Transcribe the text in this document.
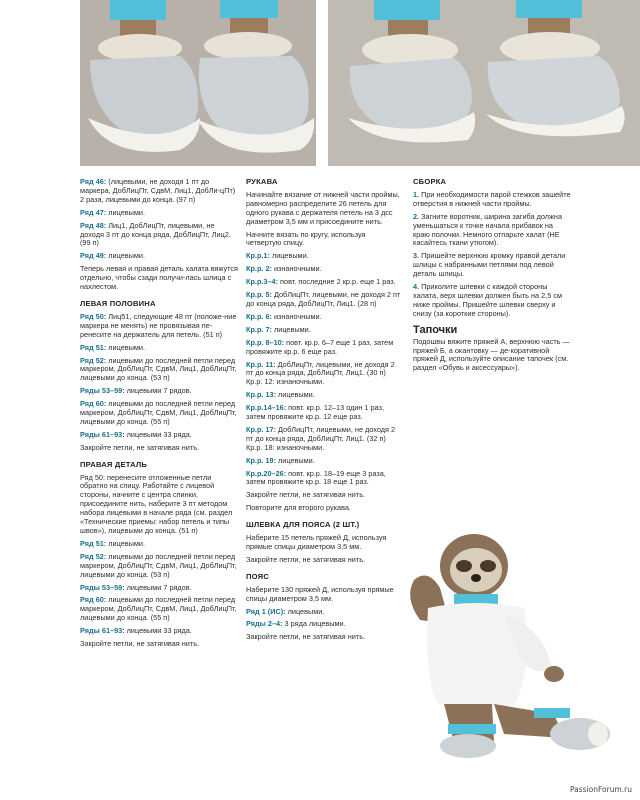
Ряд 46: (лицевыми, не доходя 1 пт до маркера, ДобЛицПт, СдвМ, Лиц1, ДобЛи-цПт) 2 раза, лицевыми до конца. (97 п)

Ряд 47: лицевыми.

Ряд 48: Лиц1, ДобЛицПт, лицевыми, не доходя 3 пт до конца ряда, ДобЛицПт, Лиц2. (99 п)

Ряд 49: лицевыми.

Теперь левая и правая деталь халата вяжутся отдельно, чтобы сзади получи-лась шлица с нахлестом.

ЛЕВАЯ ПОЛОВИНА

Ряд 50: Лиц51, следующие 48 пт (положе-ние маркера не менять) не провязывая пе-ренесите на держатель для петель. (51 п)

Ряд 51: лицевыми.

Ряд 52: лицевыми до последней петли перед маркером, ДобЛицПт, СдвМ, Лиц1, ДобЛицПт, лицевыми до конца. (53 п)

Ряды 53–59: лицевыми 7 рядов.

Ряд 60: лицевыми до последней петли перед маркером, ДобЛицПт, СдвМ, Лиц1, ДобЛицПт, лицевыми до конца. (55 п)

Ряды 61–93: лицевыми 33 ряда.

Закройте петли, не затягивая нить.

ПРАВАЯ ДЕТАЛЬ

Ряд 50: перенесите отложенные петли обратно на спицу. Работайте с лицевой стороны, начните с центра спинки, присоедините нить, наберите 3 пт методом набора лицевыми в начале ряда (см. раздел «Технические приемы: набор петель и типы швов»), лицевыми до конца. (51 п)

Ряд 51: лицевыми.

Ряд 52: лицевыми до последней петли перед маркером, ДобЛицПт, СдвМ, Лиц1, ДобЛицПт, лицевыми до конца. (53 п)

Ряды 53–59: лицевыми 7 рядов.

Ряд 60: лицевыми до последней петли перед маркером, ДобЛицПт, СдвМ, Лиц1, ДобЛицПт, лицевыми до конца. (55 п)

Ряды 61–93: лицевыми 33 ряда.

Закройте петли, не затягивая нить.

РУКАВА

Начинайте вязание от нижней части проймы, равномерно распределите 26 петель для одного рукава с держателя петель на 3 дсс диаметром 3,5 мм и присоедините нить.

Начните вязать по кругу, используя четвертую спицу.

Кр.р.1: лицевыми.

Кр.р. 2: изнаночными.

Кр.р.3–4: повт. последние 2 кр.р. еще 1 раз.

Кр.р. 5: ДобЛицПт, лицевыми, не доходя 2 пт до конца ряда, ДобЛицПт, Лиц1. (28 п)

Кр.р. 6: изнаночными.

Кр.р. 7: лицевыми.

Кр.р. 8–10: повт. кр.р. 6–7 еще 1 раз, затем провяжите кр.р. 6 еще раз.

Кр.р. 11: ДобЛицПт, лицевыми, не доходя 2 пт до конца ряда, ДобЛицПт, Лиц1. (30 п) Кр.р. 12: изнаночными.

Кр.р. 13: лицевыми.

Кр.р.14–16: повт. кр.р. 12–13 один 1 раз, затем провяжите кр.р. 12 еще раз.

Кр.р. 17: ДобЛицПт, лицевыми, не доходя 2 пт до конца ряда, ДобЛицПт, Лиц1. (32 п) Кр.р. 18: изнаночными.

Кр.р. 19: лицевыми.

Кр.р.20–26: повт. кр.р. 18–19 еще 3 раза, затем провяжите кр.р. 18 еще 1 раз.

Закройте петли, не затягивая нить.

Повторите для второго рукава.

ШЛЕВКА ДЛЯ ПОЯСА (2 ШТ.)

Наберите 15 петель пряжей Д, используя прямые спицы диаметром 3,5 мм.

Закройте петли, не затягивая нить.

ПОЯС

Наберите 130 пряжей Д, используя прямые спицы диаметром 3,5 мм.

Ряд 1 (ИС): лицевыми.

Ряды 2–4: 3 ряда лицевыми.

Закройте петли, не затягивая нить.

СБОРКА

1. При необходимости парой стежков зашейте отверстия в нижней части проймы.

2. Загните воротник, ширина загиба должна уменьшаться к точке начала прибавок на краю полочки. Немного отпарьте халат (НЕ касайтесь ткани утюгом).

3. Пришейте верхнюю кромку правой детали шлицы с набранными петлями под левой деталь шлицы.

4. Приколите шлевки с каждой стороны халата, верх шлевки должен быть на 2,5 см ниже проймы. Пришейте шлевки сверху и снизу (за короткие стороны).

Тапочки

Подошвы вяжите пряжей А, верхнюю часть — пряжей Б, а окантовку — де-коративной пряжей Д, используйте описание тапочек (см. раздел «Обувь и аксессуары»).

PassionForum.ru
